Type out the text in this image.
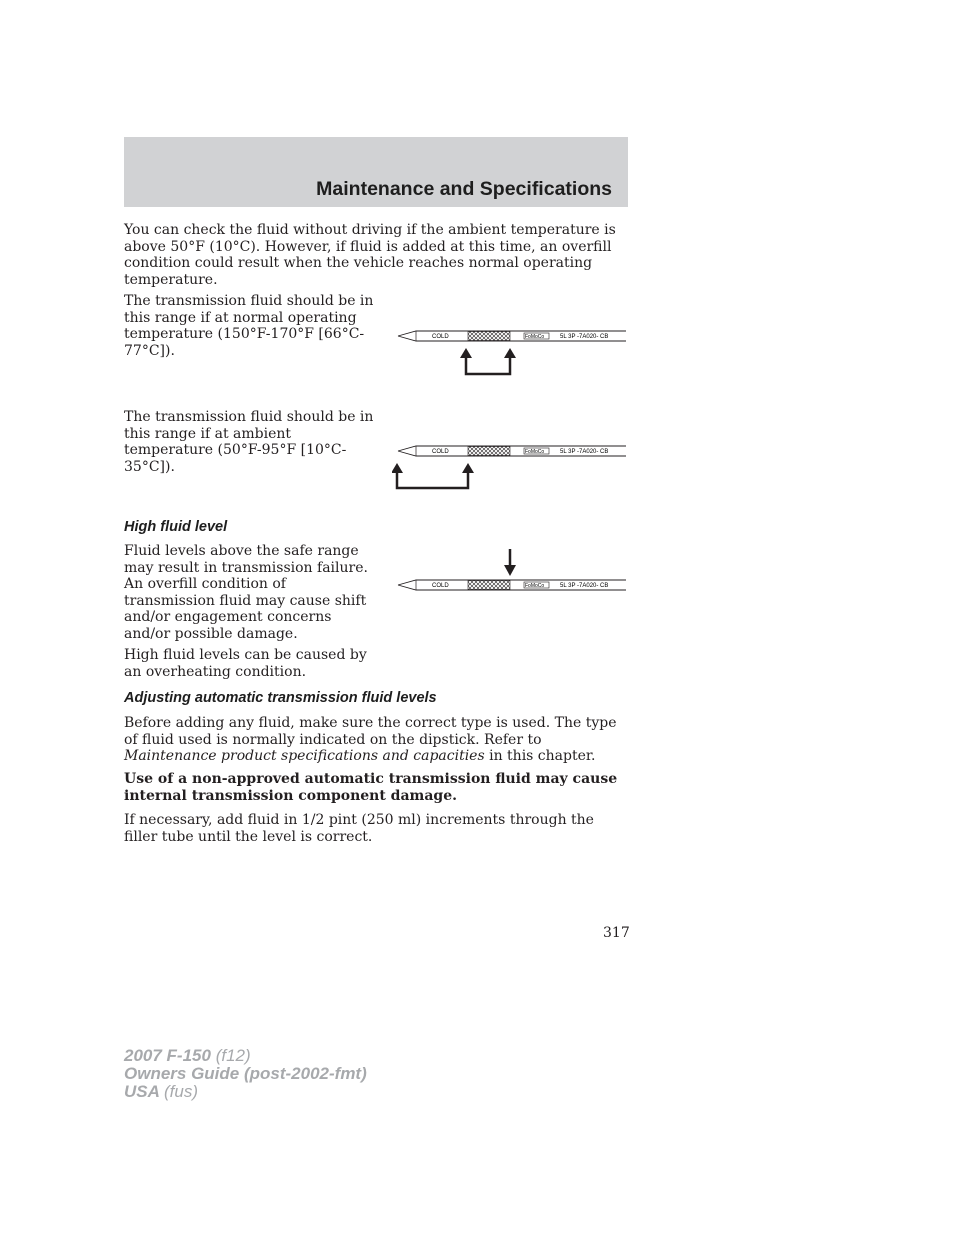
Maintenance and Specifications

You can check the fluid without driving if the ambient temperature is above 50°F (10°C). However, if fluid is added at this time, an overfill condition could result when the vehicle reaches normal operating temperature.

The transmission fluid should be in this range if at normal operating temperature (150°F-170°F [66°C-77°C]).

COLD	FoMoCo	5L 3P -7A020- CB

The transmission fluid should be in this range if at ambient temperature (50°F-95°F [10°C-35°C]).

COLD	FoMoCo	5L 3P -7A020- CB
High fluid level

Fluid levels above the safe range may result in transmission failure. An overfill condition of transmission fluid may cause shift and/or engagement concerns and/or possible damage.

COLD	FoMoCo	5L 3P -7A020- CB

High fluid levels can be caused by an overheating condition.

Adjusting automatic transmission fluid levels

Before adding any fluid, make sure the correct type is used. The type of fluid used is normally indicated on the dipstick. Refer to Maintenance product specifications and capacities in this chapter.

Use of a non-approved automatic transmission fluid may cause internal transmission component damage.

If necessary, add fluid in 1/2 pint (250 ml) increments through the filler tube until the level is correct.

317
2007 F-150 (f12)
Owners Guide (post-2002-fmt)
USA (fus)
